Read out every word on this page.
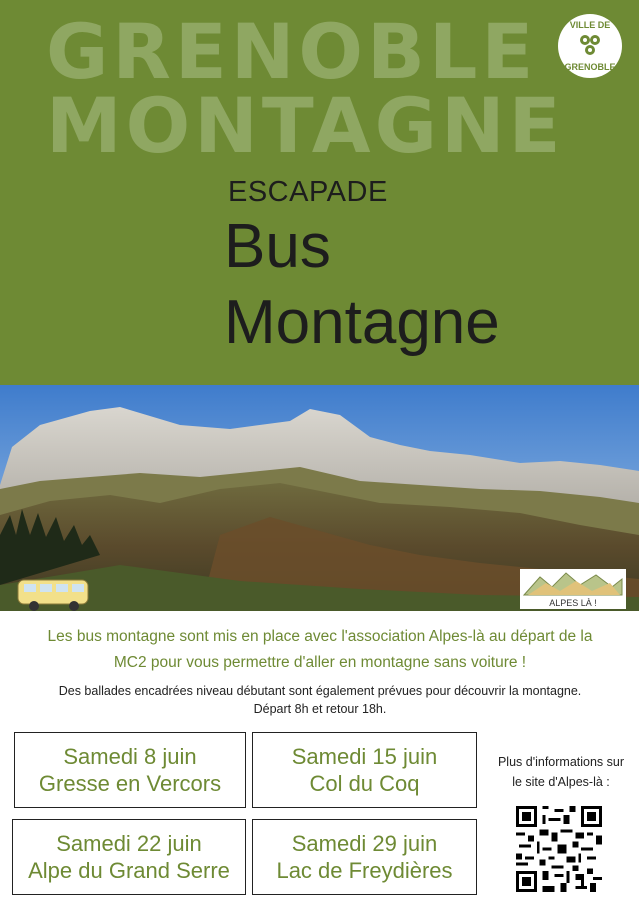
GRENOBLE
MONTAGNE
VILLE DE
GRENOBLE
ESCAPADE
Bus
Montagne
ALPES LÀ !
Les bus montagne sont mis en place avec l'association Alpes-là au départ de la
MC2 pour vous permettre d'aller en montagne sans voiture !
Des ballades encadrées niveau débutant sont également prévues pour découvrir la montagne.
Départ 8h et retour 18h.
Samedi 8 juin
Gresse en Vercors
Samedi 15 juin
Col du Coq
Samedi 22 juin
Alpe du Grand Serre
Samedi 29 juin
Lac de Freydières
Plus d'informations sur
le site d'Alpes-là :
